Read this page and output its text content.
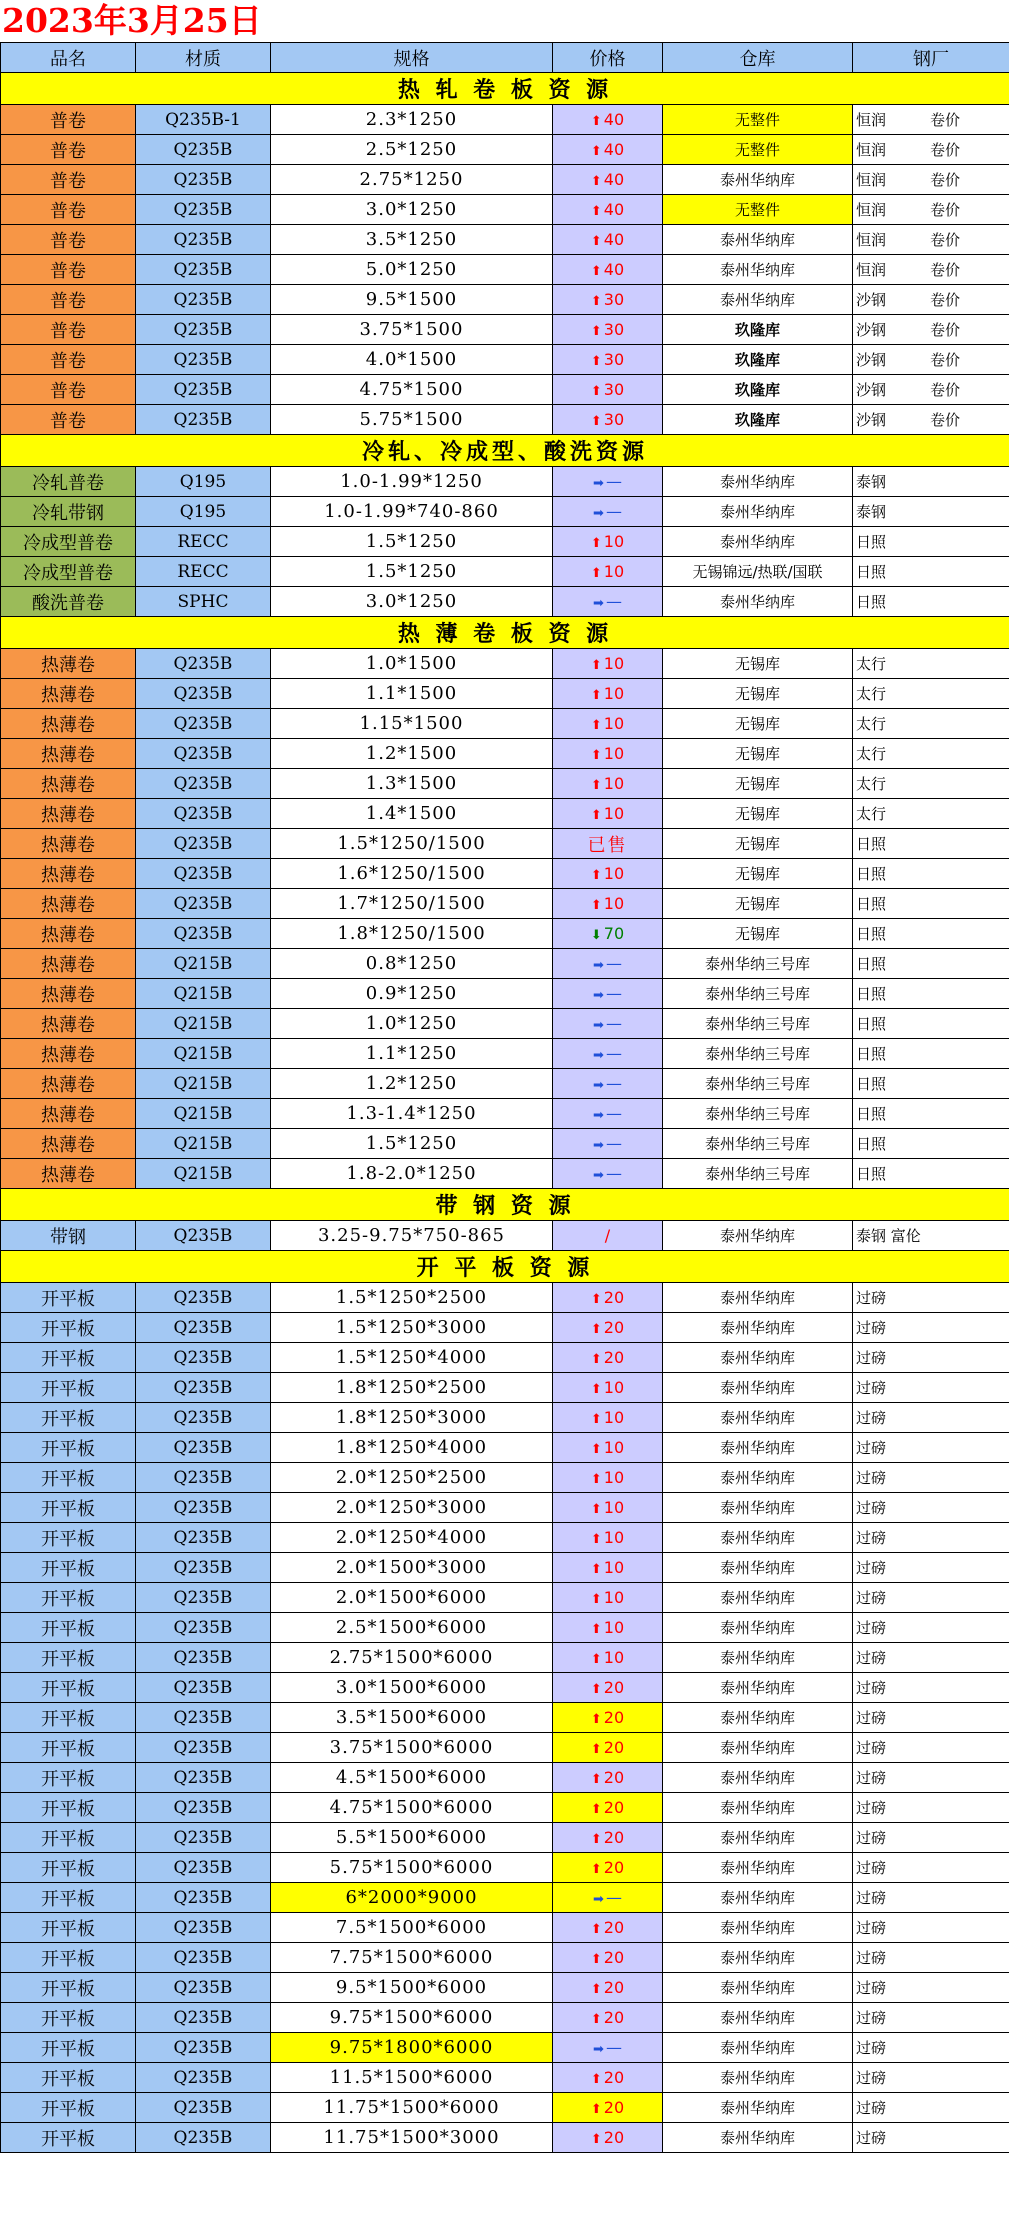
2023年3月25日
品名	材质	规格	价格	仓库	钢厂
热 轧 卷 板 资 源					
普卷	Q235B-1	2.3*1250	⬆ 40	无整件	恒润 卷价
普卷	Q235B	2.5*1250	⬆ 40	无整件	恒润 卷价
普卷	Q235B	2.75*1250	⬆ 40	泰州华纳库	恒润 卷价
普卷	Q235B	3.0*1250	⬆ 40	无整件	恒润 卷价
普卷	Q235B	3.5*1250	⬆ 40	泰州华纳库	恒润 卷价
普卷	Q235B	5.0*1250	⬆ 40	泰州华纳库	恒润 卷价
普卷	Q235B	9.5*1500	⬆ 30	泰州华纳库	沙钢 卷价
普卷	Q235B	3.75*1500	⬆ 30	玖隆库	沙钢 卷价
普卷	Q235B	4.0*1500	⬆ 30	玖隆库	沙钢 卷价
普卷	Q235B	4.75*1500	⬆ 30	玖隆库	沙钢 卷价
普卷	Q235B	5.75*1500	⬆ 30	玖隆库	沙钢 卷价
冷轧、冷成型、酸洗资源					
冷轧普卷	Q195	1.0-1.99*1250	➡ —	泰州华纳库	泰钢
冷轧带钢	Q195	1.0-1.99*740-860	➡ —	泰州华纳库	泰钢
冷成型普卷	RECC	1.5*1250	⬆ 10	泰州华纳库	日照
冷成型普卷	RECC	1.5*1250	⬆ 10	无锡锦远/热联/国联	日照
酸洗普卷	SPHC	3.0*1250	➡ —	泰州华纳库	日照
热 薄 卷 板 资 源					
热薄卷	Q235B	1.0*1500	⬆ 10	无锡库	太行
热薄卷	Q235B	1.1*1500	⬆ 10	无锡库	太行
热薄卷	Q235B	1.15*1500	⬆ 10	无锡库	太行
热薄卷	Q235B	1.2*1500	⬆ 10	无锡库	太行
热薄卷	Q235B	1.3*1500	⬆ 10	无锡库	太行
热薄卷	Q235B	1.4*1500	⬆ 10	无锡库	太行
热薄卷	Q235B	1.5*1250/1500	已售	无锡库	日照
热薄卷	Q235B	1.6*1250/1500	⬆ 10	无锡库	日照
热薄卷	Q235B	1.7*1250/1500	⬆ 10	无锡库	日照
热薄卷	Q235B	1.8*1250/1500	⬇ 70	无锡库	日照
热薄卷	Q215B	0.8*1250	➡ —	泰州华纳三号库	日照
热薄卷	Q215B	0.9*1250	➡ —	泰州华纳三号库	日照
热薄卷	Q215B	1.0*1250	➡ —	泰州华纳三号库	日照
热薄卷	Q215B	1.1*1250	➡ —	泰州华纳三号库	日照
热薄卷	Q215B	1.2*1250	➡ —	泰州华纳三号库	日照
热薄卷	Q215B	1.3-1.4*1250	➡ —	泰州华纳三号库	日照
热薄卷	Q215B	1.5*1250	➡ —	泰州华纳三号库	日照
热薄卷	Q215B	1.8-2.0*1250	➡ —	泰州华纳三号库	日照
带 钢 资 源					
带钢	Q235B	3.25-9.75*750-865	/	泰州华纳库	泰钢 富伦
开 平 板 资 源					
开平板	Q235B	1.5*1250*2500	⬆ 20	泰州华纳库	过磅
开平板	Q235B	1.5*1250*3000	⬆ 20	泰州华纳库	过磅
开平板	Q235B	1.5*1250*4000	⬆ 20	泰州华纳库	过磅
开平板	Q235B	1.8*1250*2500	⬆ 10	泰州华纳库	过磅
开平板	Q235B	1.8*1250*3000	⬆ 10	泰州华纳库	过磅
开平板	Q235B	1.8*1250*4000	⬆ 10	泰州华纳库	过磅
开平板	Q235B	2.0*1250*2500	⬆ 10	泰州华纳库	过磅
开平板	Q235B	2.0*1250*3000	⬆ 10	泰州华纳库	过磅
开平板	Q235B	2.0*1250*4000	⬆ 10	泰州华纳库	过磅
开平板	Q235B	2.0*1500*3000	⬆ 10	泰州华纳库	过磅
开平板	Q235B	2.0*1500*6000	⬆ 10	泰州华纳库	过磅
开平板	Q235B	2.5*1500*6000	⬆ 10	泰州华纳库	过磅
开平板	Q235B	2.75*1500*6000	⬆ 10	泰州华纳库	过磅
开平板	Q235B	3.0*1500*6000	⬆ 20	泰州华纳库	过磅
开平板	Q235B	3.5*1500*6000	⬆ 20	泰州华纳库	过磅
开平板	Q235B	3.75*1500*6000	⬆ 20	泰州华纳库	过磅
开平板	Q235B	4.5*1500*6000	⬆ 20	泰州华纳库	过磅
开平板	Q235B	4.75*1500*6000	⬆ 20	泰州华纳库	过磅
开平板	Q235B	5.5*1500*6000	⬆ 20	泰州华纳库	过磅
开平板	Q235B	5.75*1500*6000	⬆ 20	泰州华纳库	过磅
开平板	Q235B	6*2000*9000	➡ —	泰州华纳库	过磅
开平板	Q235B	7.5*1500*6000	⬆ 20	泰州华纳库	过磅
开平板	Q235B	7.75*1500*6000	⬆ 20	泰州华纳库	过磅
开平板	Q235B	9.5*1500*6000	⬆ 20	泰州华纳库	过磅
开平板	Q235B	9.75*1500*6000	⬆ 20	泰州华纳库	过磅
开平板	Q235B	9.75*1800*6000	➡ —	泰州华纳库	过磅
开平板	Q235B	11.5*1500*6000	⬆ 20	泰州华纳库	过磅
开平板	Q235B	11.75*1500*6000	⬆ 20	泰州华纳库	过磅
开平板	Q235B	11.75*1500*3000	⬆ 20	泰州华纳库	过磅
